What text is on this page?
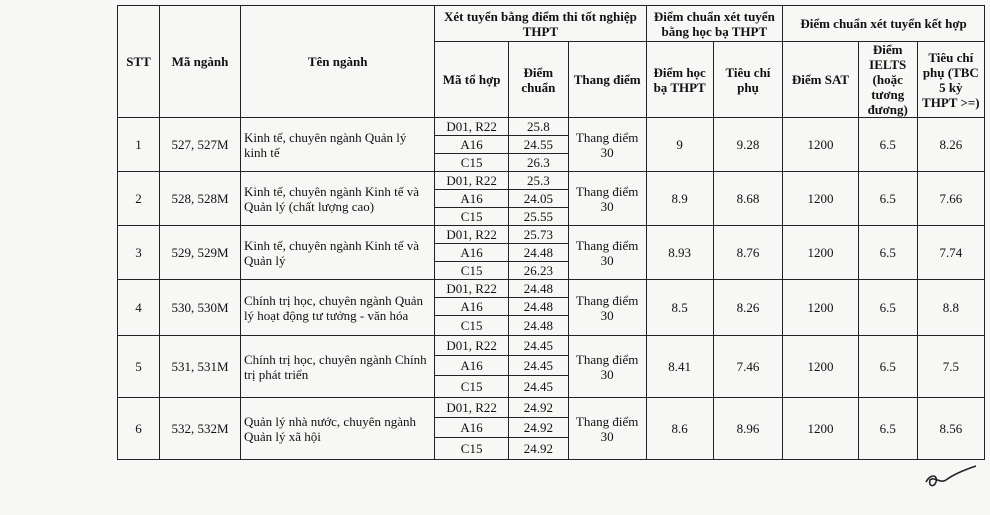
STT	Mã ngành	Tên ngành	Xét tuyển bằng điểm thi tốt nghiệp THPT			Điểm chuẩn xét tuyển bằng học bạ THPT		Điểm chuẩn xét tuyển kết hợp		
			Mã tổ hợp	Điểm chuẩn	Thang điểm	Điểm học bạ THPT	Tiêu chí phụ	Điểm SAT	Điểm IELTS (hoặc tương đương)	Tiêu chí phụ (TBC 5 kỳ THPT >=)
1	527, 527M	Kinh tế, chuyên ngành Quản lý kinh tế	D01, R22	25.8	Thang điểm 30	9	9.28	1200	6.5	8.26
			A16	24.55						
			C15	26.3						
2	528, 528M	Kinh tế, chuyên ngành Kinh tế và Quản lý (chất lượng cao)	D01, R22	25.3	Thang điểm 30	8.9	8.68	1200	6.5	7.66
			A16	24.05						
			C15	25.55						
3	529, 529M	Kinh tế, chuyên ngành Kinh tế và Quản lý	D01, R22	25.73	Thang điểm 30	8.93	8.76	1200	6.5	7.74
			A16	24.48						
			C15	26.23						
4	530, 530M	Chính trị học, chuyên ngành Quản lý hoạt động tư tưởng - văn hóa	D01, R22	24.48	Thang điểm 30	8.5	8.26	1200	6.5	8.8
			A16	24.48						
			C15	24.48						
5	531, 531M	Chính trị học, chuyên ngành Chính trị phát triển	D01, R22	24.45	Thang điểm 30	8.41	7.46	1200	6.5	7.5
			A16	24.45						
			C15	24.45						
6	532, 532M	Quản lý nhà nước, chuyên ngành Quản lý xã hội	D01, R22	24.92	Thang điểm 30	8.6	8.96	1200	6.5	8.56
			A16	24.92						
			C15	24.92						
